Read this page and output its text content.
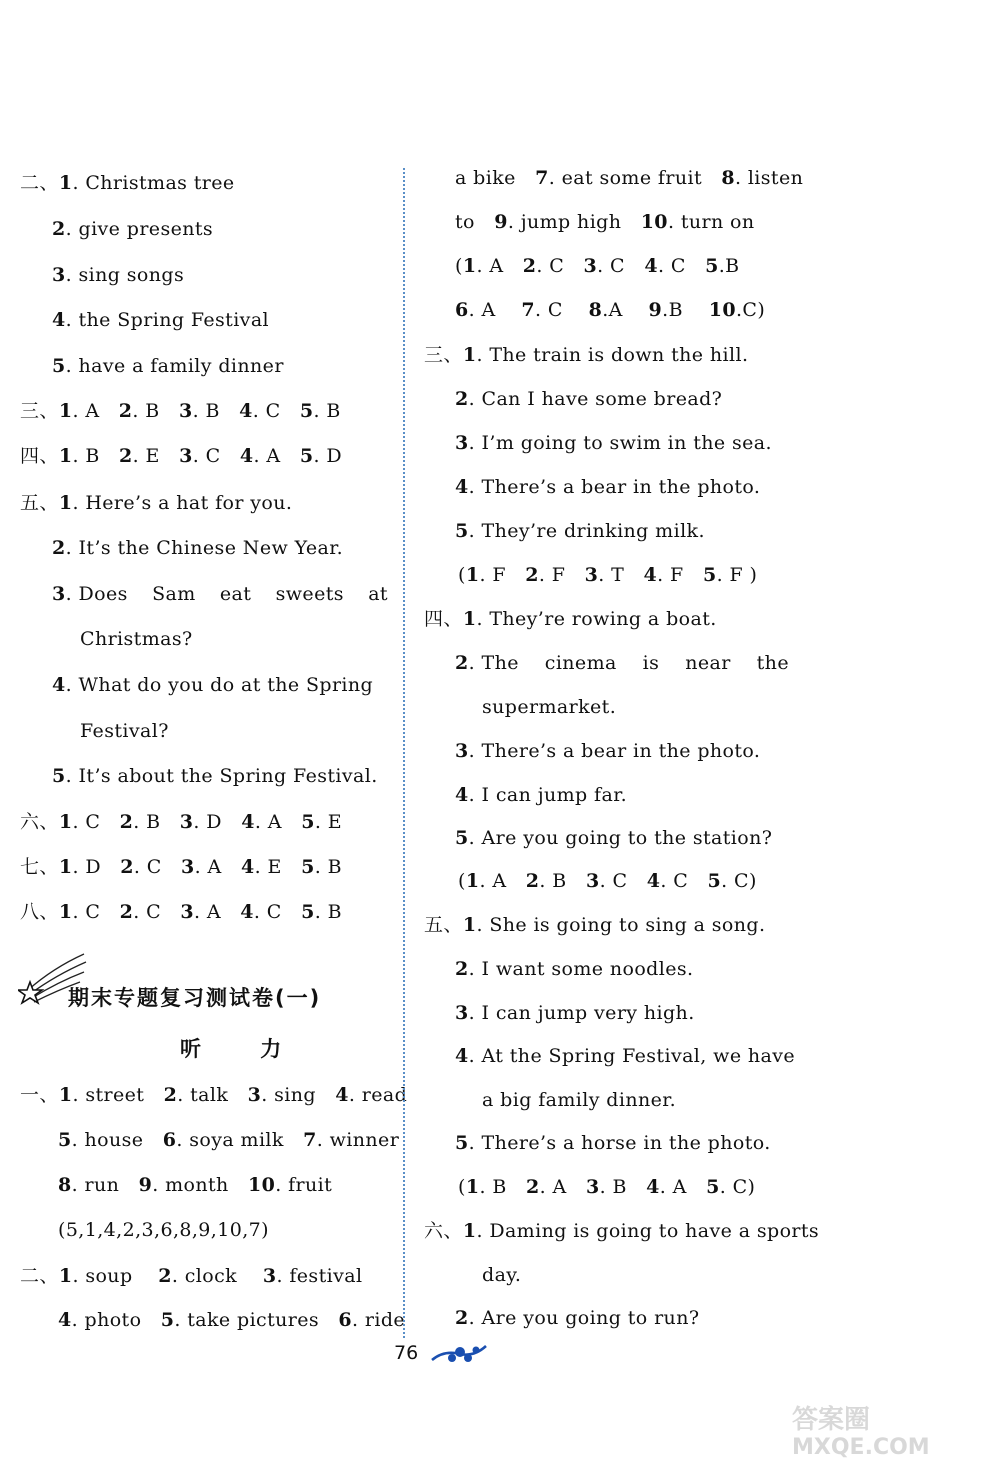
二、1. Christmas tree
2. give presents
3. sing songs
4. the Spring Festival
5. have a family dinner
三、1. A   2. B   3. B   4. C   5. B
四、1. B   2. E   3. C   4. A   5. D
五、1. Here’s a hat for you.
2. It’s the Chinese New Year.
3. Does Sam eat sweets at
Christmas?
4. What do you do at the Spring
Festival?
5. It’s about the Spring Festival.
六、1. C   2. B   3. D   4. A   5. E
七、1. D   2. C   3. A   4. E   5. B
八、1. C   2. C   3. A   4. C   5. B
期末专题复习测试卷(一)
听 力
一、1. street   2. talk   3. sing   4. read
5. house   6. soya milk   7. winner
8. run   9. month   10. fruit
(5,1,4,2,3,6,8,9,10,7)
二、1. soup    2. clock    3. festival
4. photo   5. take pictures   6. ride
a bike   7. eat some fruit   8. listen
to   9. jump high   10. turn on
(1. A   2. C   3. C   4. C   5.B
6. A    7. C    8.A    9.B    10.C)
三、1. The train is down the hill.
2. Can I have some bread?
3. I’m going to swim in the sea.
4. There’s a bear in the photo.
5. They’re drinking milk.
(1. F   2. F   3. T   4. F   5. F )
四、1. They’re rowing a boat.
2. The cinema is near the
supermarket.
3. There’s a bear in the photo.
4. I can jump far.
5. Are you going to the station?
(1. A   2. B   3. C   4. C   5. C)
五、1. She is going to sing a song.
2. I want some noodles.
3. I can jump very high.
4. At the Spring Festival, we have
a big family dinner.
5. There’s a horse in the photo.
(1. B   2. A   3. B   4. A   5. C)
六、1. Daming is going to have a sports
day.
2. Are you going to run?
76
答案圈
MXQE.COM
